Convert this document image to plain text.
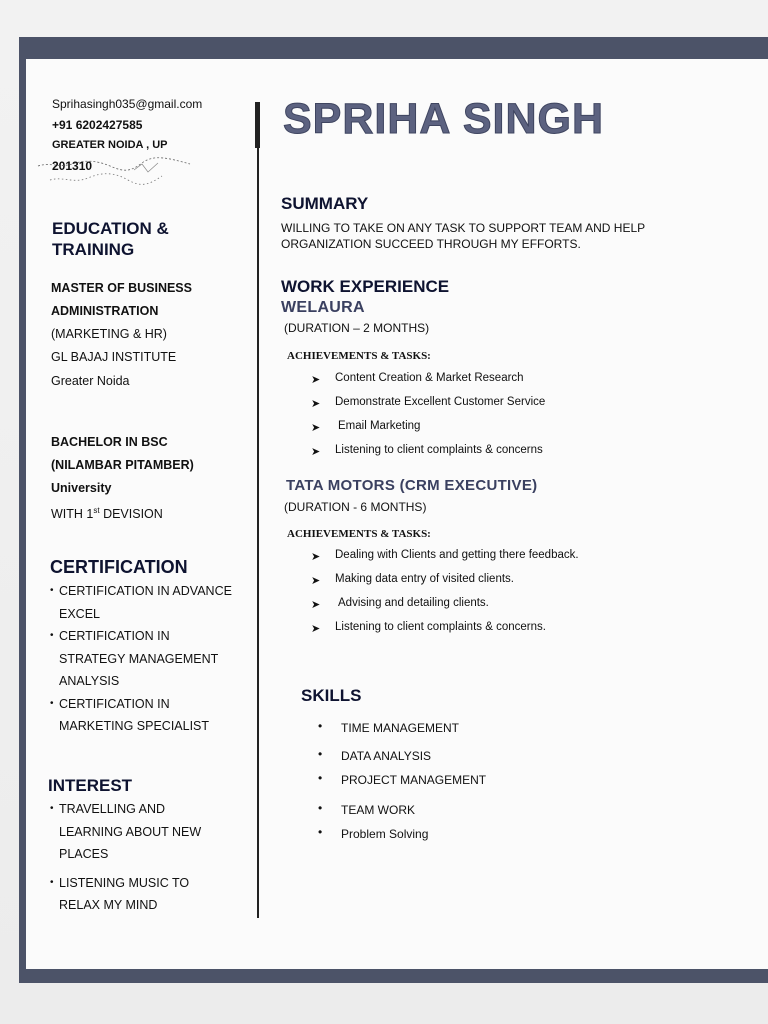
Sprihasingh035@gmail.com
+91 6202427585
GREATER NOIDA , UP
201310
EDUCATION &
TRAINING
MASTER OF BUSINESS
ADMINISTRATION
(MARKETING & HR)
GL BAJAJ INSTITUTE
Greater Noida
BACHELOR IN BSC
(NILAMBAR PITAMBER)
University
WITH 1st DEVISION
CERTIFICATION
• CERTIFICATION IN ADVANCE
EXCEL
• CERTIFICATION IN
STRATEGY MANAGEMENT
ANALYSIS
• CERTIFICATION IN
MARKETING SPECIALIST
INTEREST
• TRAVELLING AND
LEARNING ABOUT NEW
PLACES
• LISTENING MUSIC TO
RELAX MY MIND
SPRIHA SINGH
SUMMARY
WILLING TO TAKE ON ANY TASK TO SUPPORT TEAM AND HELP
ORGANIZATION SUCCEED THROUGH MY EFFORTS.
WORK EXPERIENCE
WELAURA
(DURATION – 2 MONTHS)
ACHIEVEMENTS & TASKS:
➤ Content Creation & Market Research
➤ Demonstrate Excellent Customer Service
➤ Email Marketing
➤ Listening to client complaints & concerns
TATA MOTORS (CRM EXECUTIVE)
(DURATION - 6 MONTHS)
ACHIEVEMENTS & TASKS:
➤ Dealing with Clients and getting there feedback.
➤ Making data entry of visited clients.
➤ Advising and detailing clients.
➤ Listening to client complaints & concerns.
SKILLS
• TIME MANAGEMENT
• DATA ANALYSIS
• PROJECT MANAGEMENT
• TEAM WORK
• Problem Solving
